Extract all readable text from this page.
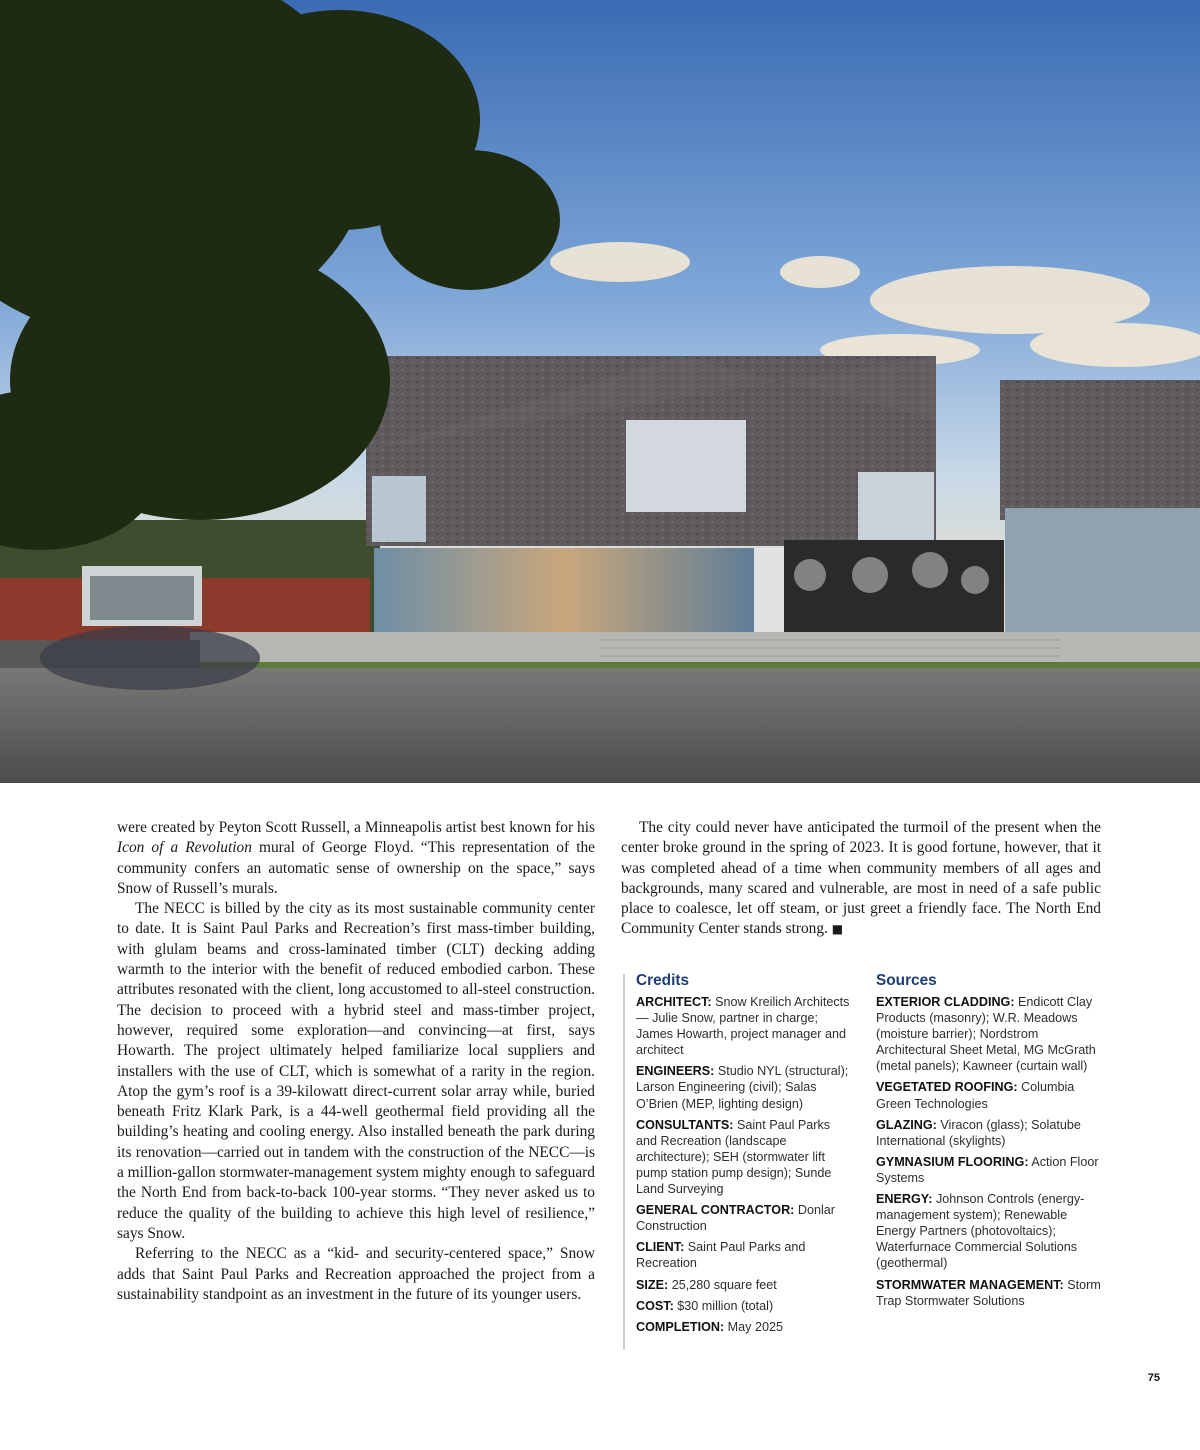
were created by Peyton Scott Russell, a Minneapolis artist best known for his Icon of a Revolution mural of George Floyd. “This representation of the community confers an automatic sense of ownership on the space,” says Snow of Russell’s murals.

The NECC is billed by the city as its most sustainable community center to date. It is Saint Paul Parks and Recreation’s first mass-timber building, with glulam beams and cross-laminated timber (CLT) decking adding warmth to the interior with the benefit of reduced embodied carbon. These attributes resonated with the client, long accustomed to all-steel construction. The decision to proceed with a hybrid steel and mass-timber project, however, required some exploration—and convincing—at first, says Howarth. The project ultimately helped familiarize local suppliers and installers with the use of CLT, which is somewhat of a rarity in the region. Atop the gym’s roof is a 39-kilowatt direct-current solar array while, buried beneath Fritz Klark Park, is a 44-well geothermal field providing all the building’s heating and cooling energy. Also installed beneath the park during its renovation—carried out in tandem with the construction of the NECC—is a million-gallon stormwater-management system mighty enough to safeguard the North End from back-to-back 100-year storms. “They never asked us to reduce the quality of the building to achieve this high level of resilience,” says Snow.

Referring to the NECC as a “kid- and security-centered space,” Snow adds that Saint Paul Parks and Recreation approached the project from a sustainability standpoint as an investment in the future of its younger users.

The city could never have anticipated the turmoil of the present when the center broke ground in the spring of 2023. It is good fortune, however, that it was completed ahead of a time when community members of all ages and backgrounds, many scared and vulnerable, are most in need of a safe public place to coalesce, let off steam, or just greet a friendly face. The North End Community Center stands strong. ■

Credits
ARCHITECT: Snow Kreilich Architects — Julie Snow, partner in charge; James Howarth, project manager and architect
ENGINEERS: Studio NYL (structural); Larson Engineering (civil); Salas O’Brien (MEP, lighting design)
CONSULTANTS: Saint Paul Parks and Recreation (landscape architecture); SEH (stormwater lift pump station pump design); Sunde Land Surveying
GENERAL CONTRACTOR: Donlar Construction
CLIENT: Saint Paul Parks and Recreation
SIZE: 25,280 square feet
COST: $30 million (total)
COMPLETION: May 2025
Sources
EXTERIOR CLADDING: Endicott Clay Products (masonry); W.R. Meadows (moisture barrier); Nordstrom Architectural Sheet Metal, MG McGrath (metal panels); Kawneer (curtain wall)
VEGETATED ROOFING: Columbia Green Technologies
GLAZING: Viracon (glass); Solatube International (skylights)
GYMNASIUM FLOORING: Action Floor Systems
ENERGY: Johnson Controls (energy-management system); Renewable Energy Partners (photovoltaics); Waterfurnace Commercial Solutions (geothermal)
STORMWATER MANAGEMENT: Storm Trap Stormwater Solutions
75
